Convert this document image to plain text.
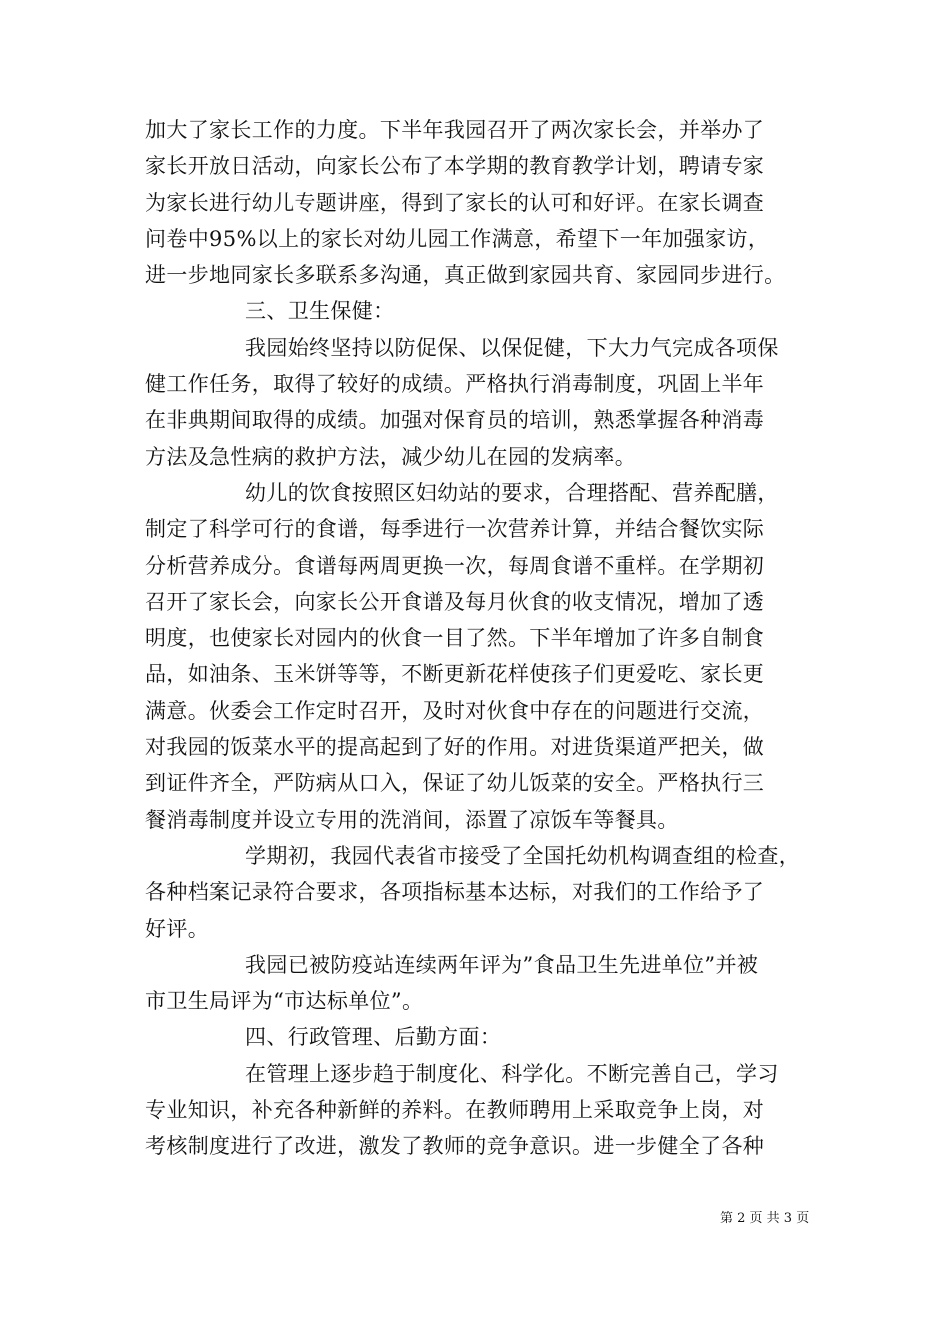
加大了家长工作的力度。下半年我园召开了两次家长会，并举办了
家长开放日活动，向家长公布了本学期的教育教学计划，聘请专家
为家长进行幼儿专题讲座，得到了家长的认可和好评。在家长调查
问卷中95%以上的家长对幼儿园工作满意，希望下一年加强家访，
进一步地同家长多联系多沟通，真正做到家园共育、家园同步进行。
三、卫生保健：
我园始终坚持以防促保、以保促健，下大力气完成各项保
健工作任务，取得了较好的成绩。严格执行消毒制度，巩固上半年
在非典期间取得的成绩。加强对保育员的培训，熟悉掌握各种消毒
方法及急性病的救护方法，减少幼儿在园的发病率。
幼儿的饮食按照区妇幼站的要求，合理搭配、营养配膳，
制定了科学可行的食谱，每季进行一次营养计算，并结合餐饮实际
分析营养成分。食谱每两周更换一次，每周食谱不重样。在学期初
召开了家长会，向家长公开食谱及每月伙食的收支情况，增加了透
明度，也使家长对园内的伙食一目了然。下半年增加了许多自制食
品，如油条、玉米饼等等，不断更新花样使孩子们更爱吃、家长更
满意。伙委会工作定时召开，及时对伙食中存在的问题进行交流，
对我园的饭菜水平的提高起到了好的作用。对进货渠道严把关，做
到证件齐全，严防病从口入，保证了幼儿饭菜的安全。严格执行三
餐消毒制度并设立专用的洗消间，添置了凉饭车等餐具。
学期初，我园代表省市接受了全国托幼机构调查组的检查，
各种档案记录符合要求，各项指标基本达标，对我们的工作给予了
好评。
我园已被防疫站连续两年评为”食品卫生先进单位”并被
市卫生局评为“市达标单位”。
四、行政管理、后勤方面：
在管理上逐步趋于制度化、科学化。不断完善自己，学习
专业知识，补充各种新鲜的养料。在教师聘用上采取竞争上岗，对
考核制度进行了改进，激发了教师的竞争意识。进一步健全了各种
第 2 页 共 3 页
